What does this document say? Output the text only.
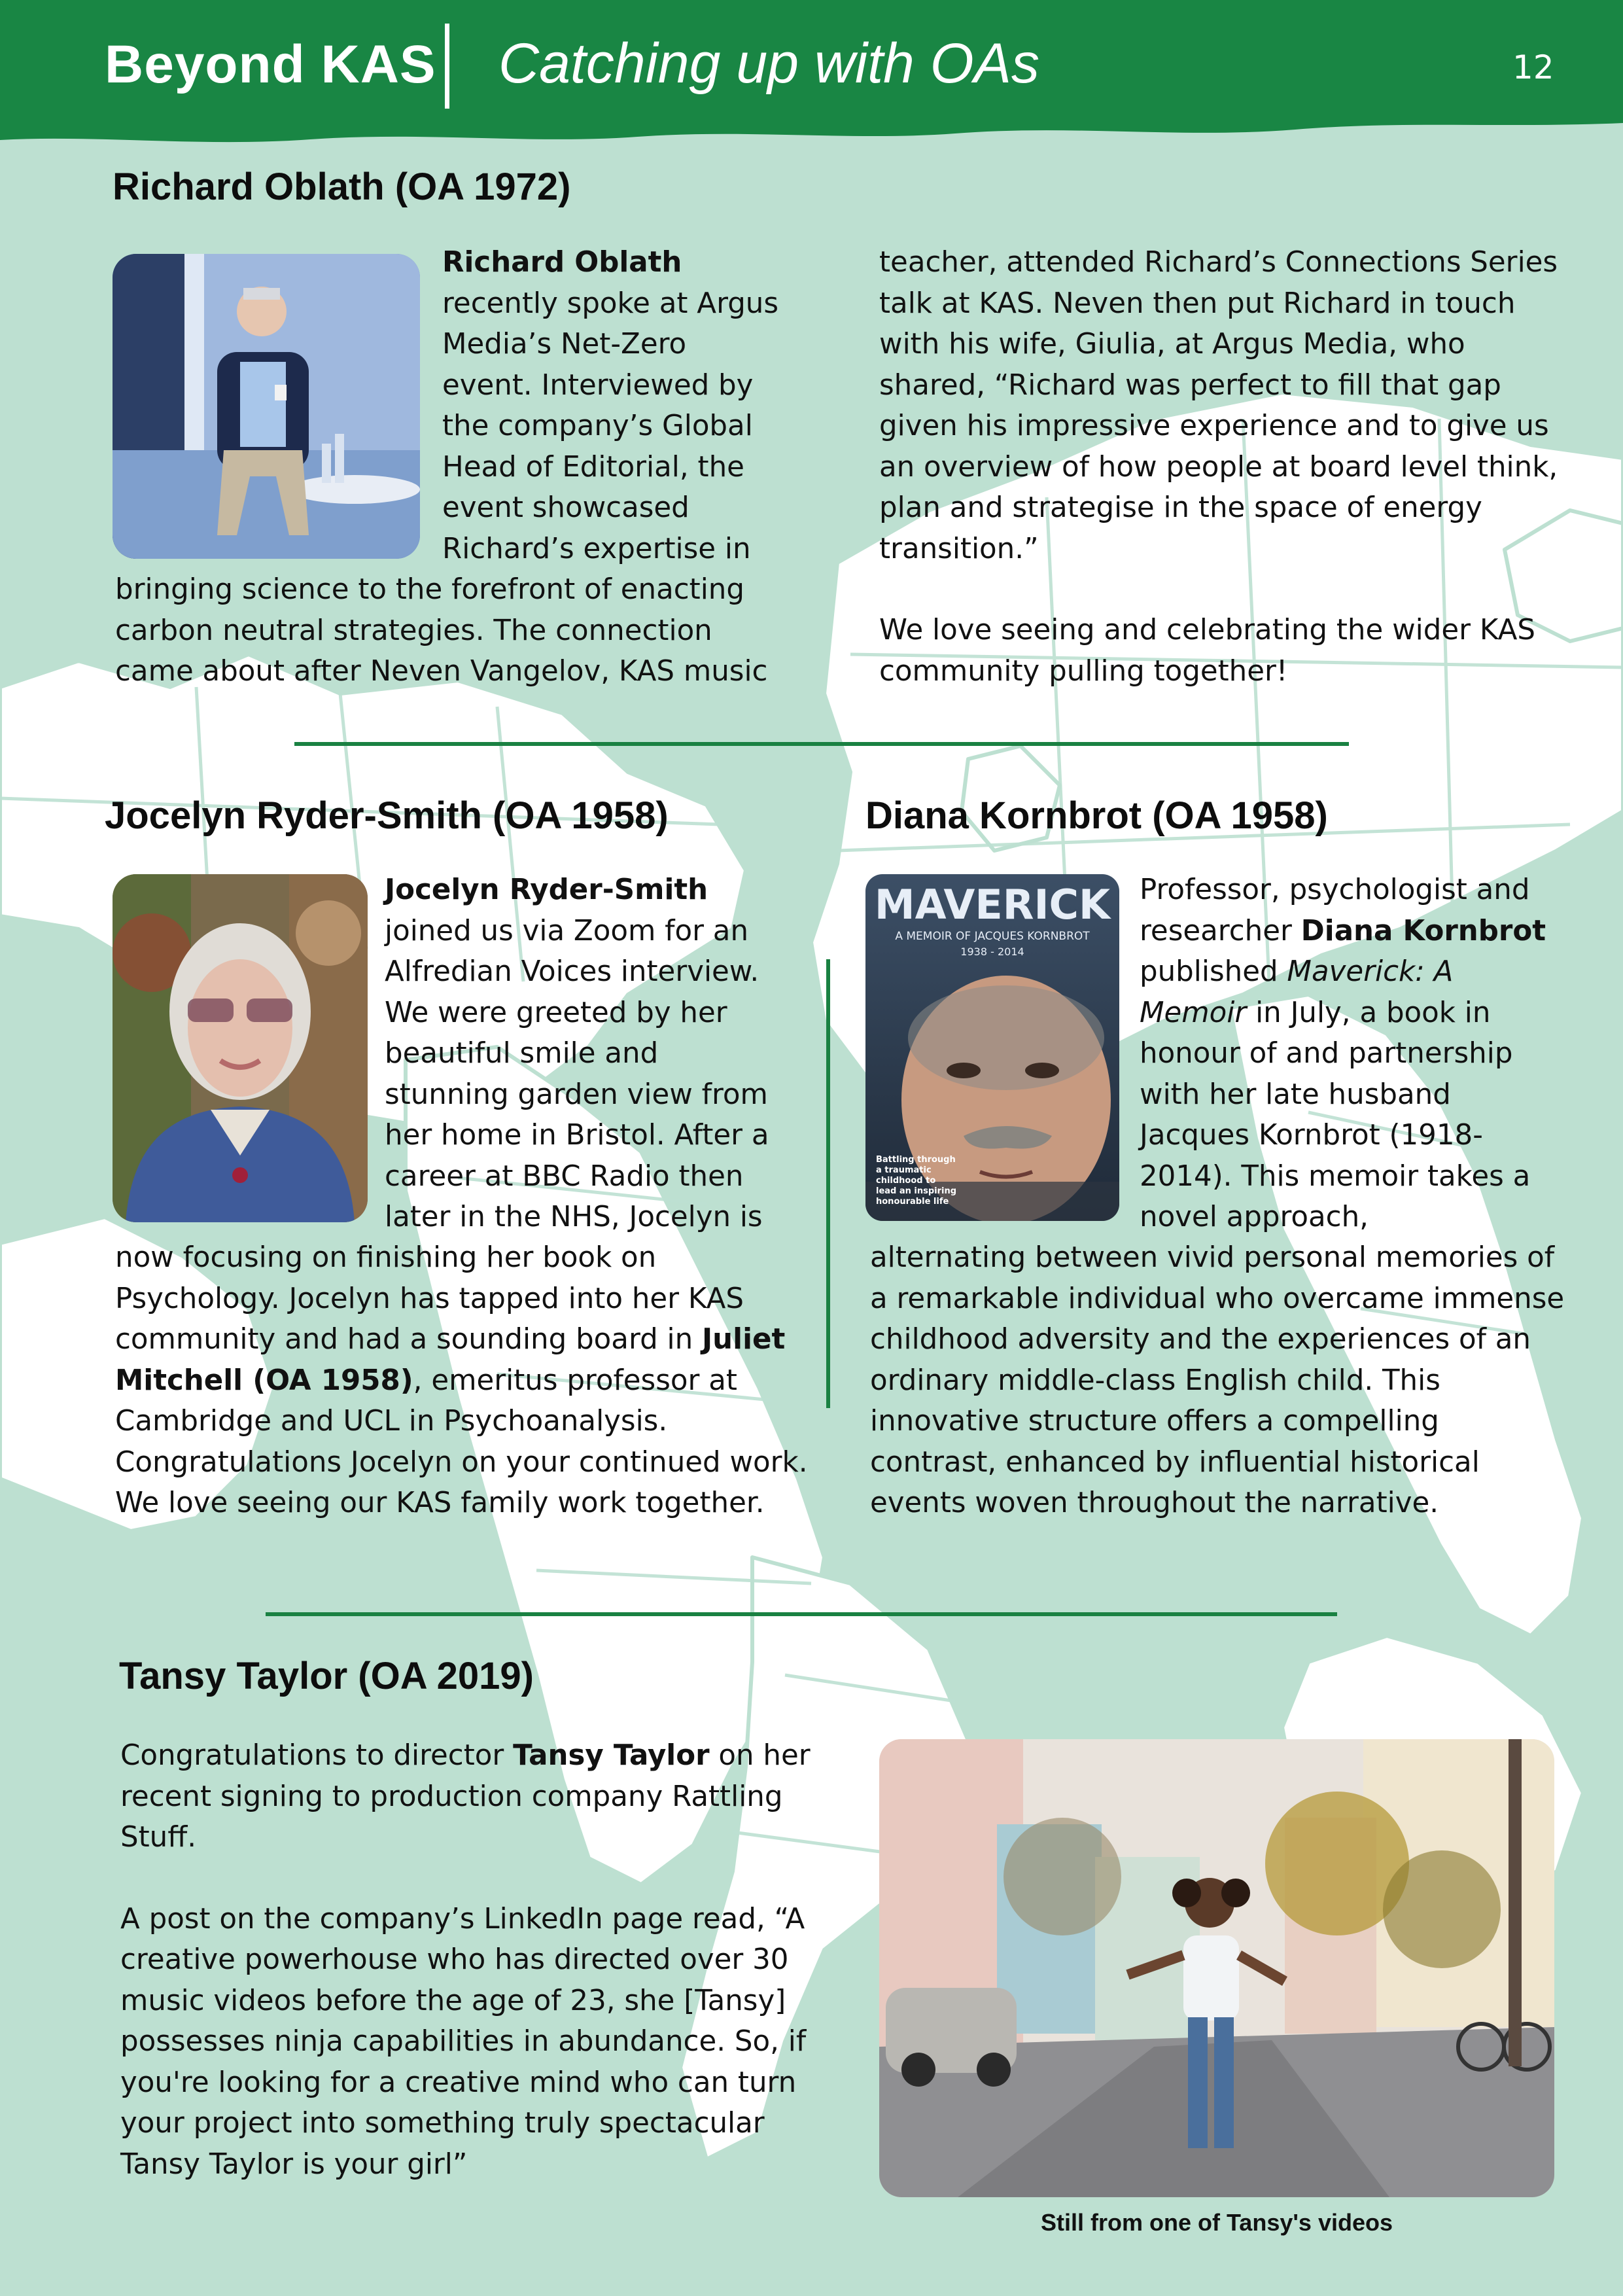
Beyond KAS Catching up with OAs	12
Richard Oblath (OA 1972)
Richard Oblath
recently spoke at Argus
Media’s Net-Zero
event. Interviewed by
the company’s Global
Head of Editorial, the
event showcased
Richard’s expertise in
bringing science to the forefront of enacting
carbon neutral strategies. The connection
came about after Neven Vangelov, KAS music

teacher, attended Richard’s Connections Series talk at KAS. Neven then put Richard in touch with his wife, Giulia, at Argus Media, who shared, “Richard was perfect to fill that gap given his impressive experience and to give us an overview of how people at board level think, plan and strategise in the space of energy transition.”

We love seeing and celebrating the wider KAS community pulling together!

Jocelyn Ryder-Smith (OA 1958)
Jocelyn Ryder-Smith
joined us via Zoom for an
Alfredian Voices interview.
We were greeted by her
beautiful smile and
stunning garden view from
her home in Bristol. After a
career at BBC Radio then
later in the NHS, Jocelyn is
now focusing on finishing her book on Psychology. Jocelyn has tapped into her KAS community and had a sounding board in Juliet Mitchell (OA 1958), emeritus professor at Cambridge and UCL in Psychoanalysis. Congratulations Jocelyn on your continued work. We love seeing our KAS family work together.
Diana Kornbrot (OA 1958)
MAVERICK
A MEMOIR OF JACQUES KORNBROT
1938 - 2014
Battling through
a traumatic
childhood to
lead an inspiring
honourable life
Professor, psychologist and researcher Diana Kornbrot published Maverick: A Memoir in July, a book in honour of and partnership with her late husband Jacques Kornbrot (1918-2014). This memoir takes a novel approach,

alternating between vivid personal memories of a remarkable individual who overcame immense childhood adversity and the experiences of an ordinary middle-class English child. This innovative structure offers a compelling contrast, enhanced by influential historical events woven throughout the narrative.

Tansy Taylor (OA 2019)

Congratulations to director Tansy Taylor on her recent signing to production company Rattling Stuff.

A post on the company’s LinkedIn page read, “A creative powerhouse who has directed over 30 music videos before the age of 23, she [Tansy] possesses ninja capabilities in abundance. So, if you're looking for a creative mind who can turn your project into something truly spectacular Tansy Taylor is your girl”

Still from one of Tansy's videos
